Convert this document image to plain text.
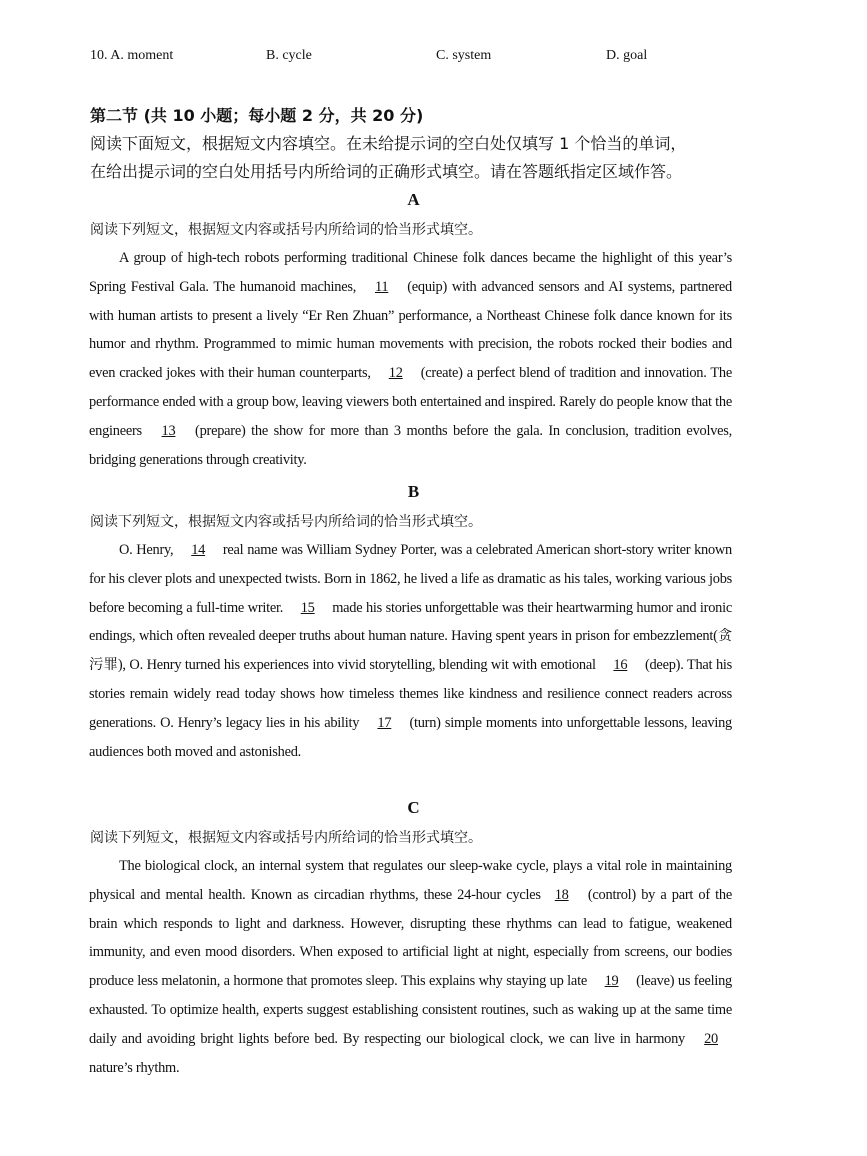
10. A. moment	B. cycle	C. system	D. goal
第二节 (共 10 小题；每小题 2 分，共 20 分)
阅读下面短文，根据短文内容填空。在未给提示词的空白处仅填写 1 个恰当的单词，
在给出提示词的空白处用括号内所给词的正确形式填空。请在答题纸指定区域作答。
A
阅读下列短文，根据短文内容或括号内所给词的恰当形式填空。
A group of high-tech robots performing traditional Chinese folk dances became the highlight of this year’s Spring Festival Gala. The humanoid machines, 11 (equip) with advanced sensors and AI systems, partnered with human artists to present a lively “Er Ren Zhuan” performance, a Northeast Chinese folk dance known for its humor and rhythm. Programmed to mimic human movements with precision, the robots rocked their bodies and even cracked jokes with their human counterparts, 12 (create) a perfect blend of tradition and innovation. The performance ended with a group bow, leaving viewers both entertained and inspired. Rarely do people know that the engineers 13 (prepare) the show for more than 3 months before the gala. In conclusion, tradition evolves, bridging generations through creativity.
B
阅读下列短文，根据短文内容或括号内所给词的恰当形式填空。
O. Henry, 14 real name was William Sydney Porter, was a celebrated American short-story writer known for his clever plots and unexpected twists. Born in 1862, he lived a life as dramatic as his tales, working various jobs before becoming a full-time writer. 15 made his stories unforgettable was their heartwarming humor and ironic endings, which often revealed deeper truths about human nature. Having spent years in prison for embezzlement(贪污罪), O. Henry turned his experiences into vivid storytelling, blending wit with emotional 16 (deep). That his stories remain widely read today shows how timeless themes like kindness and resilience connect readers across generations. O. Henry’s legacy lies in his ability 17 (turn) simple moments into unforgettable lessons, leaving audiences both moved and astonished.
C
阅读下列短文，根据短文内容或括号内所给词的恰当形式填空。
The biological clock, an internal system that regulates our sleep-wake cycle, plays a vital role in maintaining physical and mental health. Known as circadian rhythms, these 24-hour cycles 18 (control) by a part of the brain which responds to light and darkness. However, disrupting these rhythms can lead to fatigue, weakened immunity, and even mood disorders. When exposed to artificial light at night, especially from screens, our bodies produce less melatonin, a hormone that promotes sleep. This explains why staying up late 19 (leave) us feeling exhausted. To optimize health, experts suggest establishing consistent routines, such as waking up at the same time daily and avoiding bright lights before bed. By respecting our biological clock, we can live in harmony 20 nature’s rhythm.
